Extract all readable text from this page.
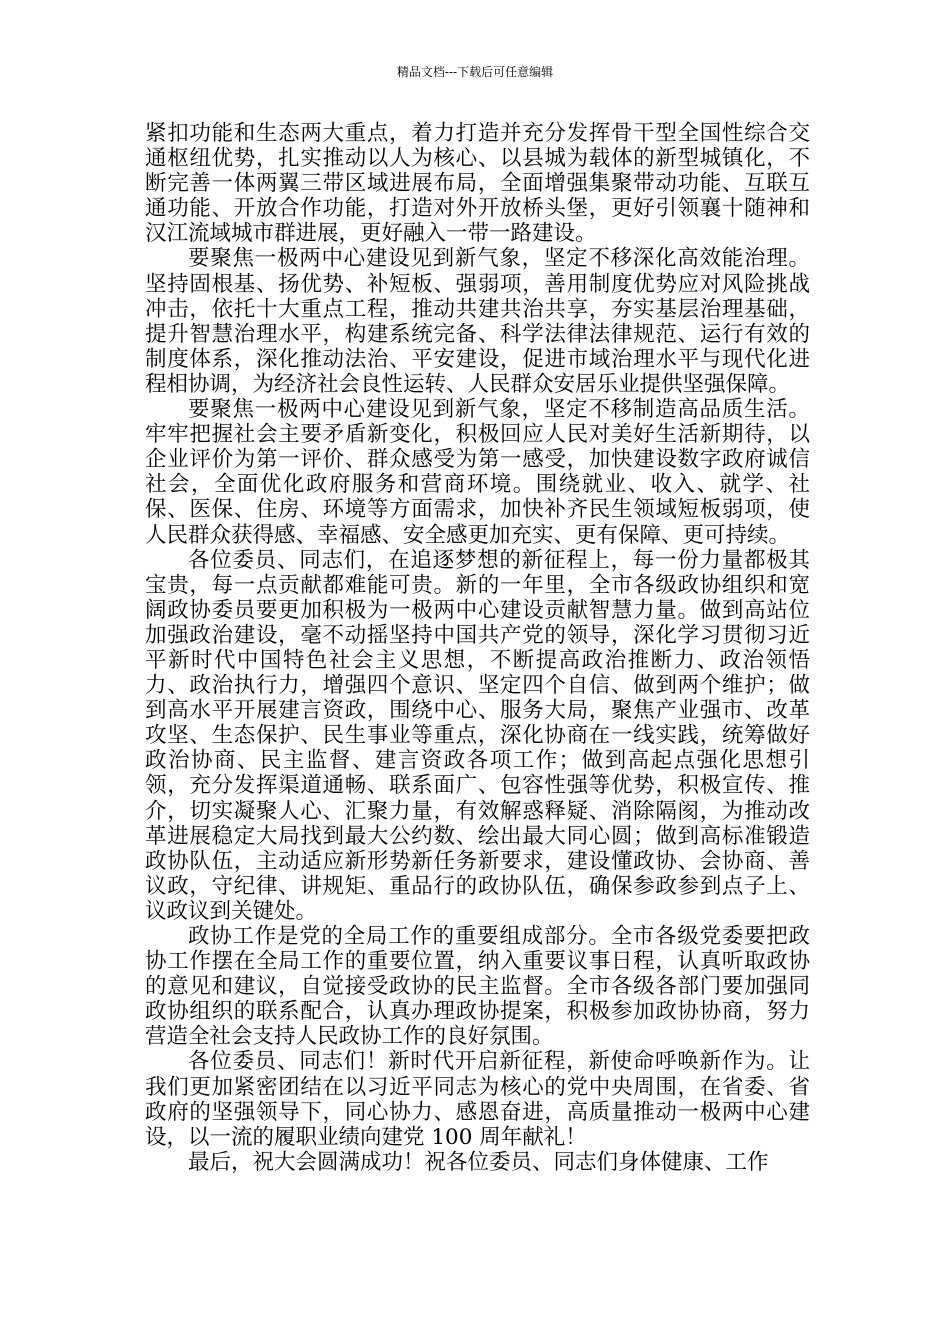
精品文档---下载后可任意编辑

紧扣功能和生态两大重点，着力打造并充分发挥骨干型全国性综合交通枢纽优势，扎实推动以人为核心、以县城为载体的新型城镇化，不断完善一体两翼三带区域进展布局，全面增强集聚带动功能、互联互通功能、开放合作功能，打造对外开放桥头堡，更好引领襄十随神和汉江流域城市群进展，更好融入一带一路建设。

要聚焦一极两中心建设见到新气象，坚定不移深化高效能治理。坚持固根基、扬优势、补短板、强弱项，善用制度优势应对风险挑战冲击，依托十大重点工程，推动共建共治共享，夯实基层治理基础，提升智慧治理水平，构建系统完备、科学法律法律规范、运行有效的制度体系，深化推动法治、平安建设，促进市域治理水平与现代化进程相协调，为经济社会良性运转、人民群众安居乐业提供坚强保障。

要聚焦一极两中心建设见到新气象，坚定不移制造高品质生活。牢牢把握社会主要矛盾新变化，积极回应人民对美好生活新期待，以企业评价为第一评价、群众感受为第一感受，加快建设数字政府诚信社会，全面优化政府服务和营商环境。围绕就业、收入、就学、社保、医保、住房、环境等方面需求，加快补齐民生领域短板弱项，使人民群众获得感、幸福感、安全感更加充实、更有保障、更可持续。

各位委员、同志们，在追逐梦想的新征程上，每一份力量都极其宝贵，每一点贡献都难能可贵。新的一年里，全市各级政协组织和宽阔政协委员要更加积极为一极两中心建设贡献智慧力量。做到高站位加强政治建设，毫不动摇坚持中国共产党的领导，深化学习贯彻习近平新时代中国特色社会主义思想，不断提高政治推断力、政治领悟力、政治执行力，增强四个意识、坚定四个自信、做到两个维护；做到高水平开展建言资政，围绕中心、服务大局，聚焦产业强市、改革攻坚、生态保护、民生事业等重点，深化协商在一线实践，统筹做好政治协商、民主监督、建言资政各项工作；做到高起点强化思想引领，充分发挥渠道通畅、联系面广、包容性强等优势，积极宣传、推介，切实凝聚人心、汇聚力量，有效解惑释疑、消除隔阂，为推动改革进展稳定大局找到最大公约数、绘出最大同心圆；做到高标准锻造政协队伍，主动适应新形势新任务新要求，建设懂政协、会协商、善议政，守纪律、讲规矩、重品行的政协队伍，确保参政参到点子上、议政议到关键处。

政协工作是党的全局工作的重要组成部分。全市各级党委要把政协工作摆在全局工作的重要位置，纳入重要议事日程，认真听取政协的意见和建议，自觉接受政协的民主监督。全市各级各部门要加强同政协组织的联系配合，认真办理政协提案，积极参加政协协商，努力营造全社会支持人民政协工作的良好氛围。

各位委员、同志们！新时代开启新征程，新使命呼唤新作为。让我们更加紧密团结在以习近平同志为核心的党中央周围，在省委、省政府的坚强领导下，同心协力、感恩奋进，高质量推动一极两中心建设，以一流的履职业绩向建党 100 周年献礼！

最后，祝大会圆满成功！祝各位委员、同志们身体健康、工作
